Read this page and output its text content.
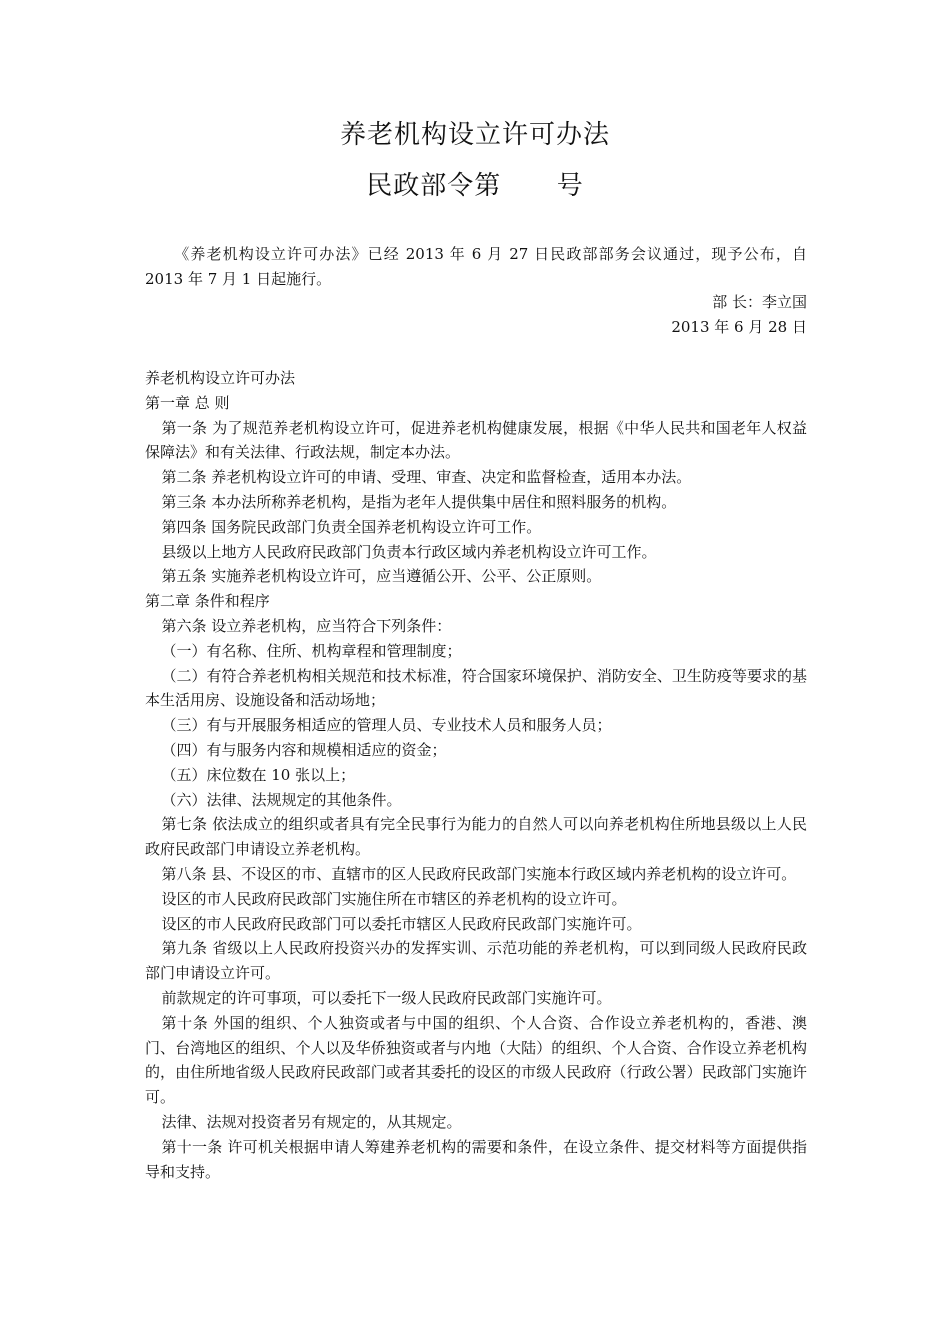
养老机构设立许可办法
民政部令第      号
《养老机构设立许可办法》已经 2013 年 6 月 27 日民政部部务会议通过，现予公布，自 2013 年 7 月 1 日起施行。
部 长：李立国
2013 年 6 月 28 日

养老机构设立许可办法

第一章 总 则

第一条 为了规范养老机构设立许可，促进养老机构健康发展，根据《中华人民共和国老年人权益保障法》和有关法律、行政法规，制定本办法。

第二条 养老机构设立许可的申请、受理、审查、决定和监督检查，适用本办法。

第三条 本办法所称养老机构，是指为老年人提供集中居住和照料服务的机构。

第四条 国务院民政部门负责全国养老机构设立许可工作。

县级以上地方人民政府民政部门负责本行政区域内养老机构设立许可工作。

第五条 实施养老机构设立许可，应当遵循公开、公平、公正原则。

第二章 条件和程序

第六条 设立养老机构，应当符合下列条件：

（一）有名称、住所、机构章程和管理制度；

（二）有符合养老机构相关规范和技术标准，符合国家环境保护、消防安全、卫生防疫等要求的基本生活用房、设施设备和活动场地；

（三）有与开展服务相适应的管理人员、专业技术人员和服务人员；

（四）有与服务内容和规模相适应的资金；

（五）床位数在 10 张以上；

（六）法律、法规规定的其他条件。

第七条 依法成立的组织或者具有完全民事行为能力的自然人可以向养老机构住所地县级以上人民政府民政部门申请设立养老机构。

第八条 县、不设区的市、直辖市的区人民政府民政部门实施本行政区域内养老机构的设立许可。

设区的市人民政府民政部门实施住所在市辖区的养老机构的设立许可。

设区的市人民政府民政部门可以委托市辖区人民政府民政部门实施许可。

第九条 省级以上人民政府投资兴办的发挥实训、示范功能的养老机构，可以到同级人民政府民政部门申请设立许可。

前款规定的许可事项，可以委托下一级人民政府民政部门实施许可。

第十条 外国的组织、个人独资或者与中国的组织、个人合资、合作设立养老机构的，香港、澳门、台湾地区的组织、个人以及华侨独资或者与内地（大陆）的组织、个人合资、合作设立养老机构的，由住所地省级人民政府民政部门或者其委托的设区的市级人民政府（行政公署）民政部门实施许可。

法律、法规对投资者另有规定的，从其规定。

第十一条 许可机关根据申请人筹建养老机构的需要和条件，在设立条件、提交材料等方面提供指导和支持。
